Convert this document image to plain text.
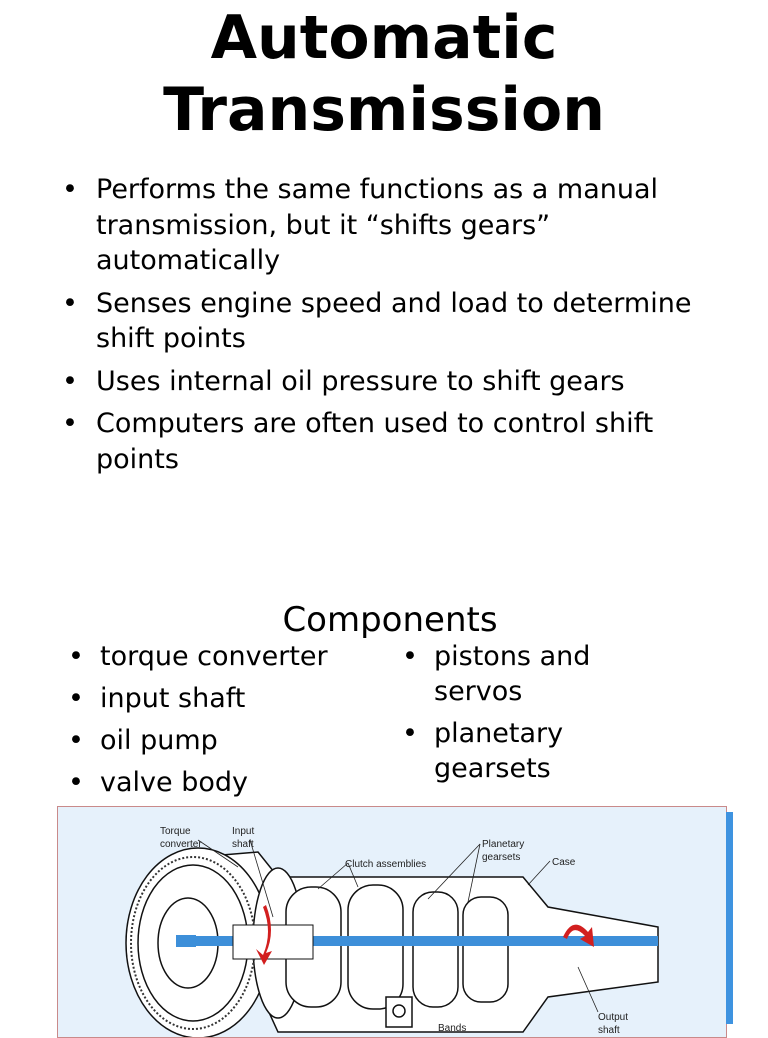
Automatic Transmission
• Performs the same functions as a manual transmission, but it “shifts gears” automatically
• Senses engine speed and load to determine shift points
• Uses internal oil pressure to shift gears
• Computers are often used to control shift points
Components
• torque converter
• input shaft
• oil pump
• valve body
• pistons and servos
• planetary gearsets
Torque
converter
Input
shaft
Clutch assemblies
Planetary
gearsets	Case
Output
shaft
Bands
